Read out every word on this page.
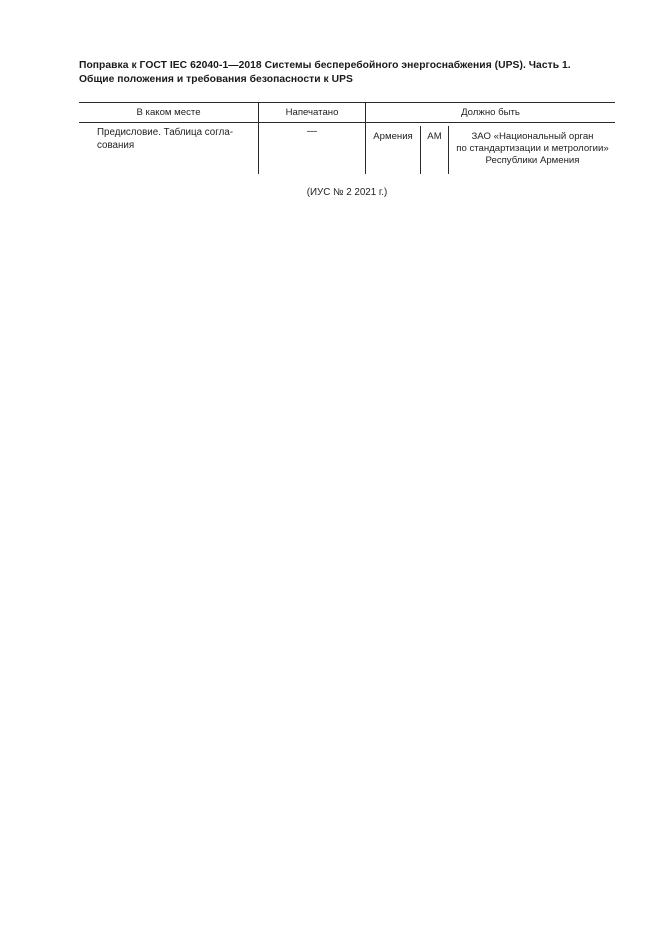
Поправка к ГОСТ IEC 62040-1—2018 Системы бесперебойного энергоснабжения (UPS). Часть 1.
Общие положения и требования безопасности к UPS
В каком месте	Напечатано	Должно быть
Предисловие. Таблица согла-
сования
—	Армения	AM	ЗАО «Национальный орган
по стандартизации и метрологии»
Республики Армения
(ИУС № 2 2021 г.)
